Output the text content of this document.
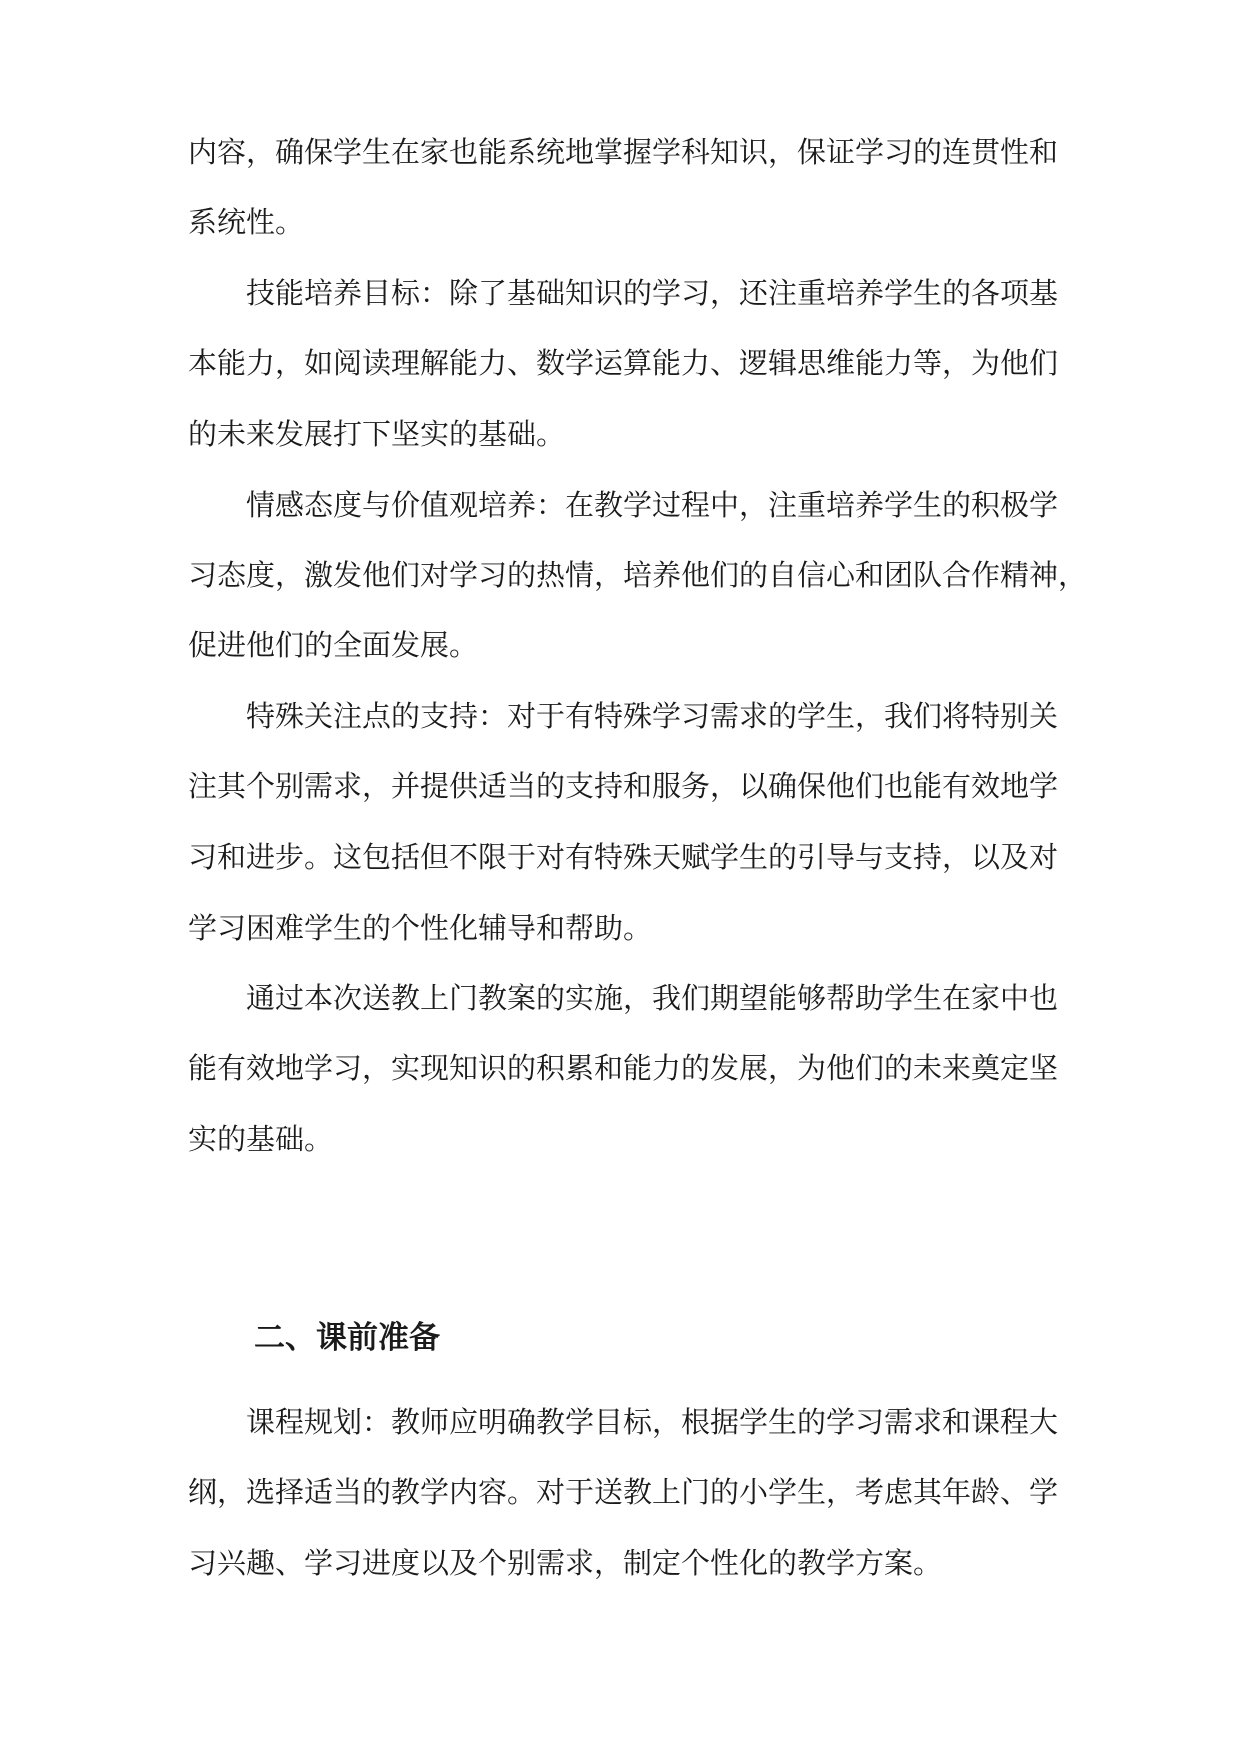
内容，确保学生在家也能系统地掌握学科知识，保证学习的连贯性和
系统性。
技能培养目标：除了基础知识的学习，还注重培养学生的各项基
本能力，如阅读理解能力、数学运算能力、逻辑思维能力等，为他们
的未来发展打下坚实的基础。
情感态度与价值观培养：在教学过程中，注重培养学生的积极学
习态度，激发他们对学习的热情，培养他们的自信心和团队合作精神，
促进他们的全面发展。
特殊关注点的支持：对于有特殊学习需求的学生，我们将特别关
注其个别需求，并提供适当的支持和服务，以确保他们也能有效地学
习和进步。这包括但不限于对有特殊天赋学生的引导与支持，以及对
学习困难学生的个性化辅导和帮助。
通过本次送教上门教案的实施，我们期望能够帮助学生在家中也
能有效地学习，实现知识的积累和能力的发展，为他们的未来奠定坚
实的基础。
二、课前准备
课程规划：教师应明确教学目标，根据学生的学习需求和课程大
纲，选择适当的教学内容。对于送教上门的小学生，考虑其年龄、学
习兴趣、学习进度以及个别需求，制定个性化的教学方案。
